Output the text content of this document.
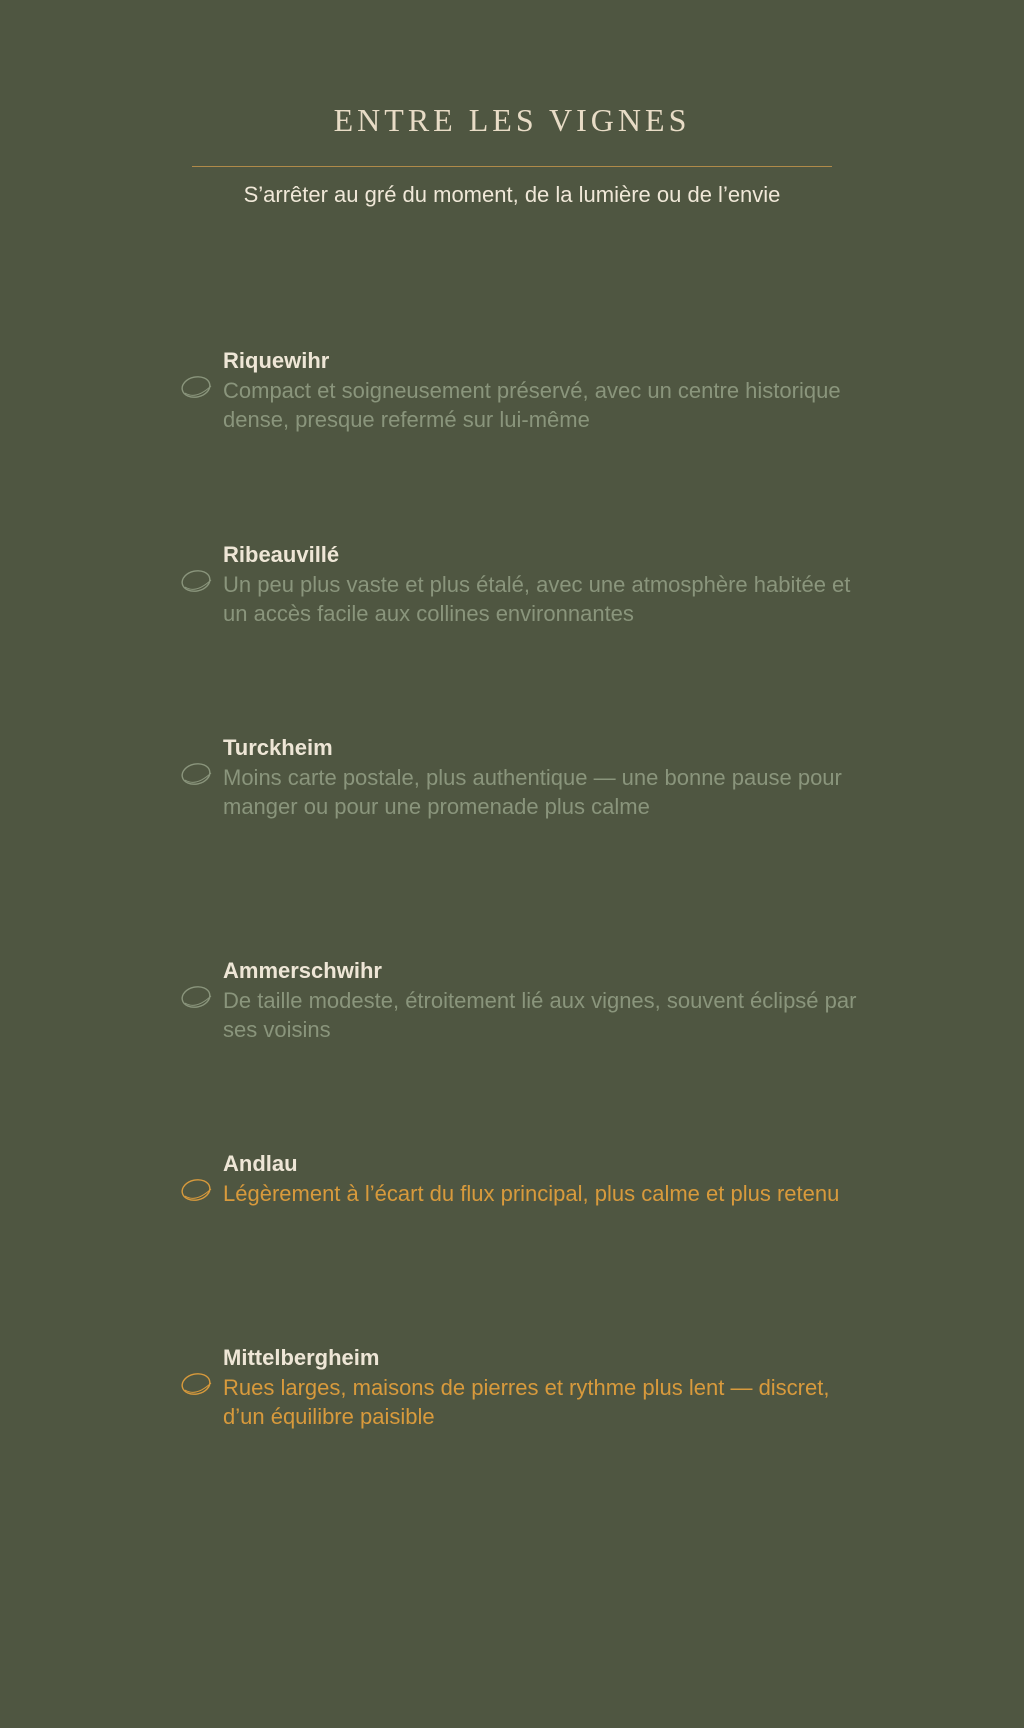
ENTRE LES VIGNES

S’arrêter au gré du moment, de la lumière ou de l’envie

Riquewihr

Compact et soigneusement préservé, avec un centre historique dense, presque refermé sur lui-même

Ribeauvillé

Un peu plus vaste et plus étalé, avec une atmosphère habitée et un accès facile aux collines environnantes

Turckheim

Moins carte postale, plus authentique — une bonne pause pour manger ou pour une promenade plus calme

Ammerschwihr

De taille modeste, étroitement lié aux vignes, souvent éclipsé par ses voisins

Andlau

Légèrement à l’écart du flux principal, plus calme et plus retenu

Mittelbergheim

Rues larges, maisons de pierres et rythme plus lent — discret, d’un équilibre paisible
